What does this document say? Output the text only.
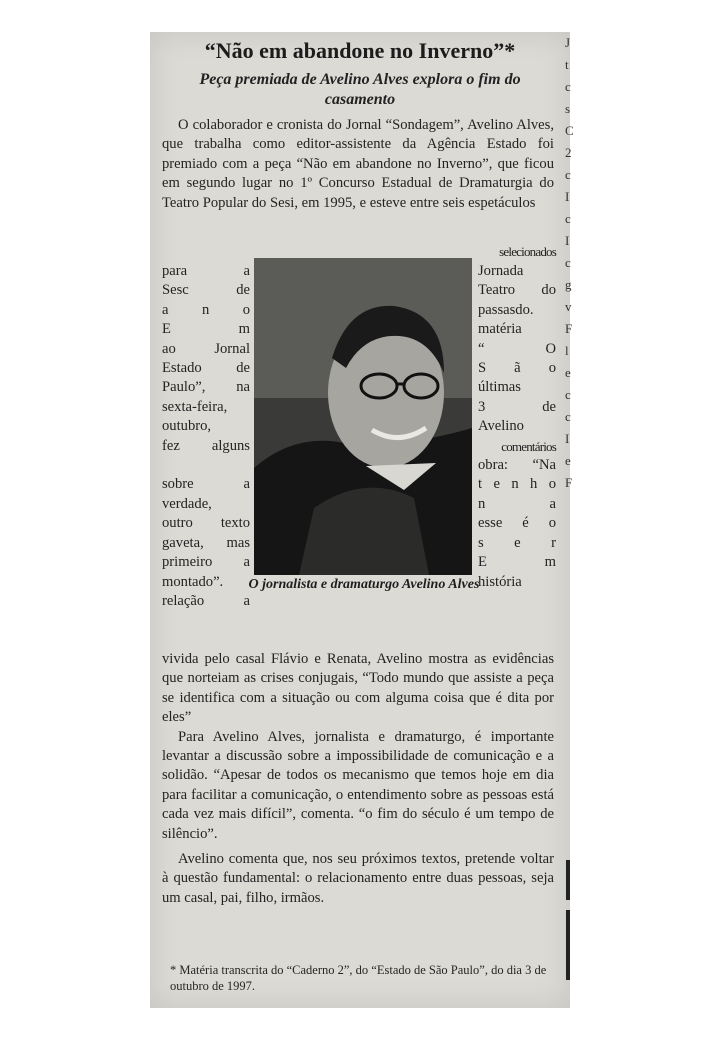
“Não em abandone no Inverno”*
Peça premiada de Avelino Alves explora o fim do casamento

O colaborador e cronista do Jornal “Sondagem”, Avelino Alves, que trabalha como editor-assistente da Agência Estado foi premiado com a peça “Não em abandone no Inverno”, que ficou em segundo lugar no 1º Concurso Estadual de Dramaturgia do Teatro Popular do Sesi, em 1995, e esteve entre seis espetáculos

selecionados
para a
Sesc de
a n o
E m
ao Jornal
Estado de
Paulo”, na
sexta-feira,
outubro,
fez alguns

sobre a
verdade,
outro texto
gaveta, mas
primeiro a
montado”.
relação a
Jornada
Teatro do
passasdo.
matéria
“ O
S ã o
últimas
3 de
Avelino
comentários
obra: “Na
t e n h o
n a
esse é o
s e r
E m
história
O jornalista e dramaturgo Avelino Alves

vivida pelo casal Flávio e Renata, Avelino mostra as evidências que norteiam as crises conjugais, “Todo mundo que assiste a peça se identifica com a situação ou com alguma coisa que é dita por eles”

Para Avelino Alves, jornalista e dramaturgo, é importante levantar a discussão sobre a impossibilidade de comunicação e a solidão. “Apesar de todos os mecanismo que temos hoje em dia para facilitar a comunicação, o entendimento sobre as pessoas está cada vez mais difícil”, comenta. “o fim do século é um tempo de silêncio”.

Avelino comenta que, nos seu próximos textos, pretende voltar à questão fundamental: o relacionamento entre duas pessoas, seja um casal, pai, filho, irmãos.

* Matéria transcrita do “Caderno 2”, do “Estado de São Paulo”, do dia 3 de outubro de 1997.
J
t
c
s
C
2
c
I
c
I
c
g
v
F
l
e
c
c
I
e
F
